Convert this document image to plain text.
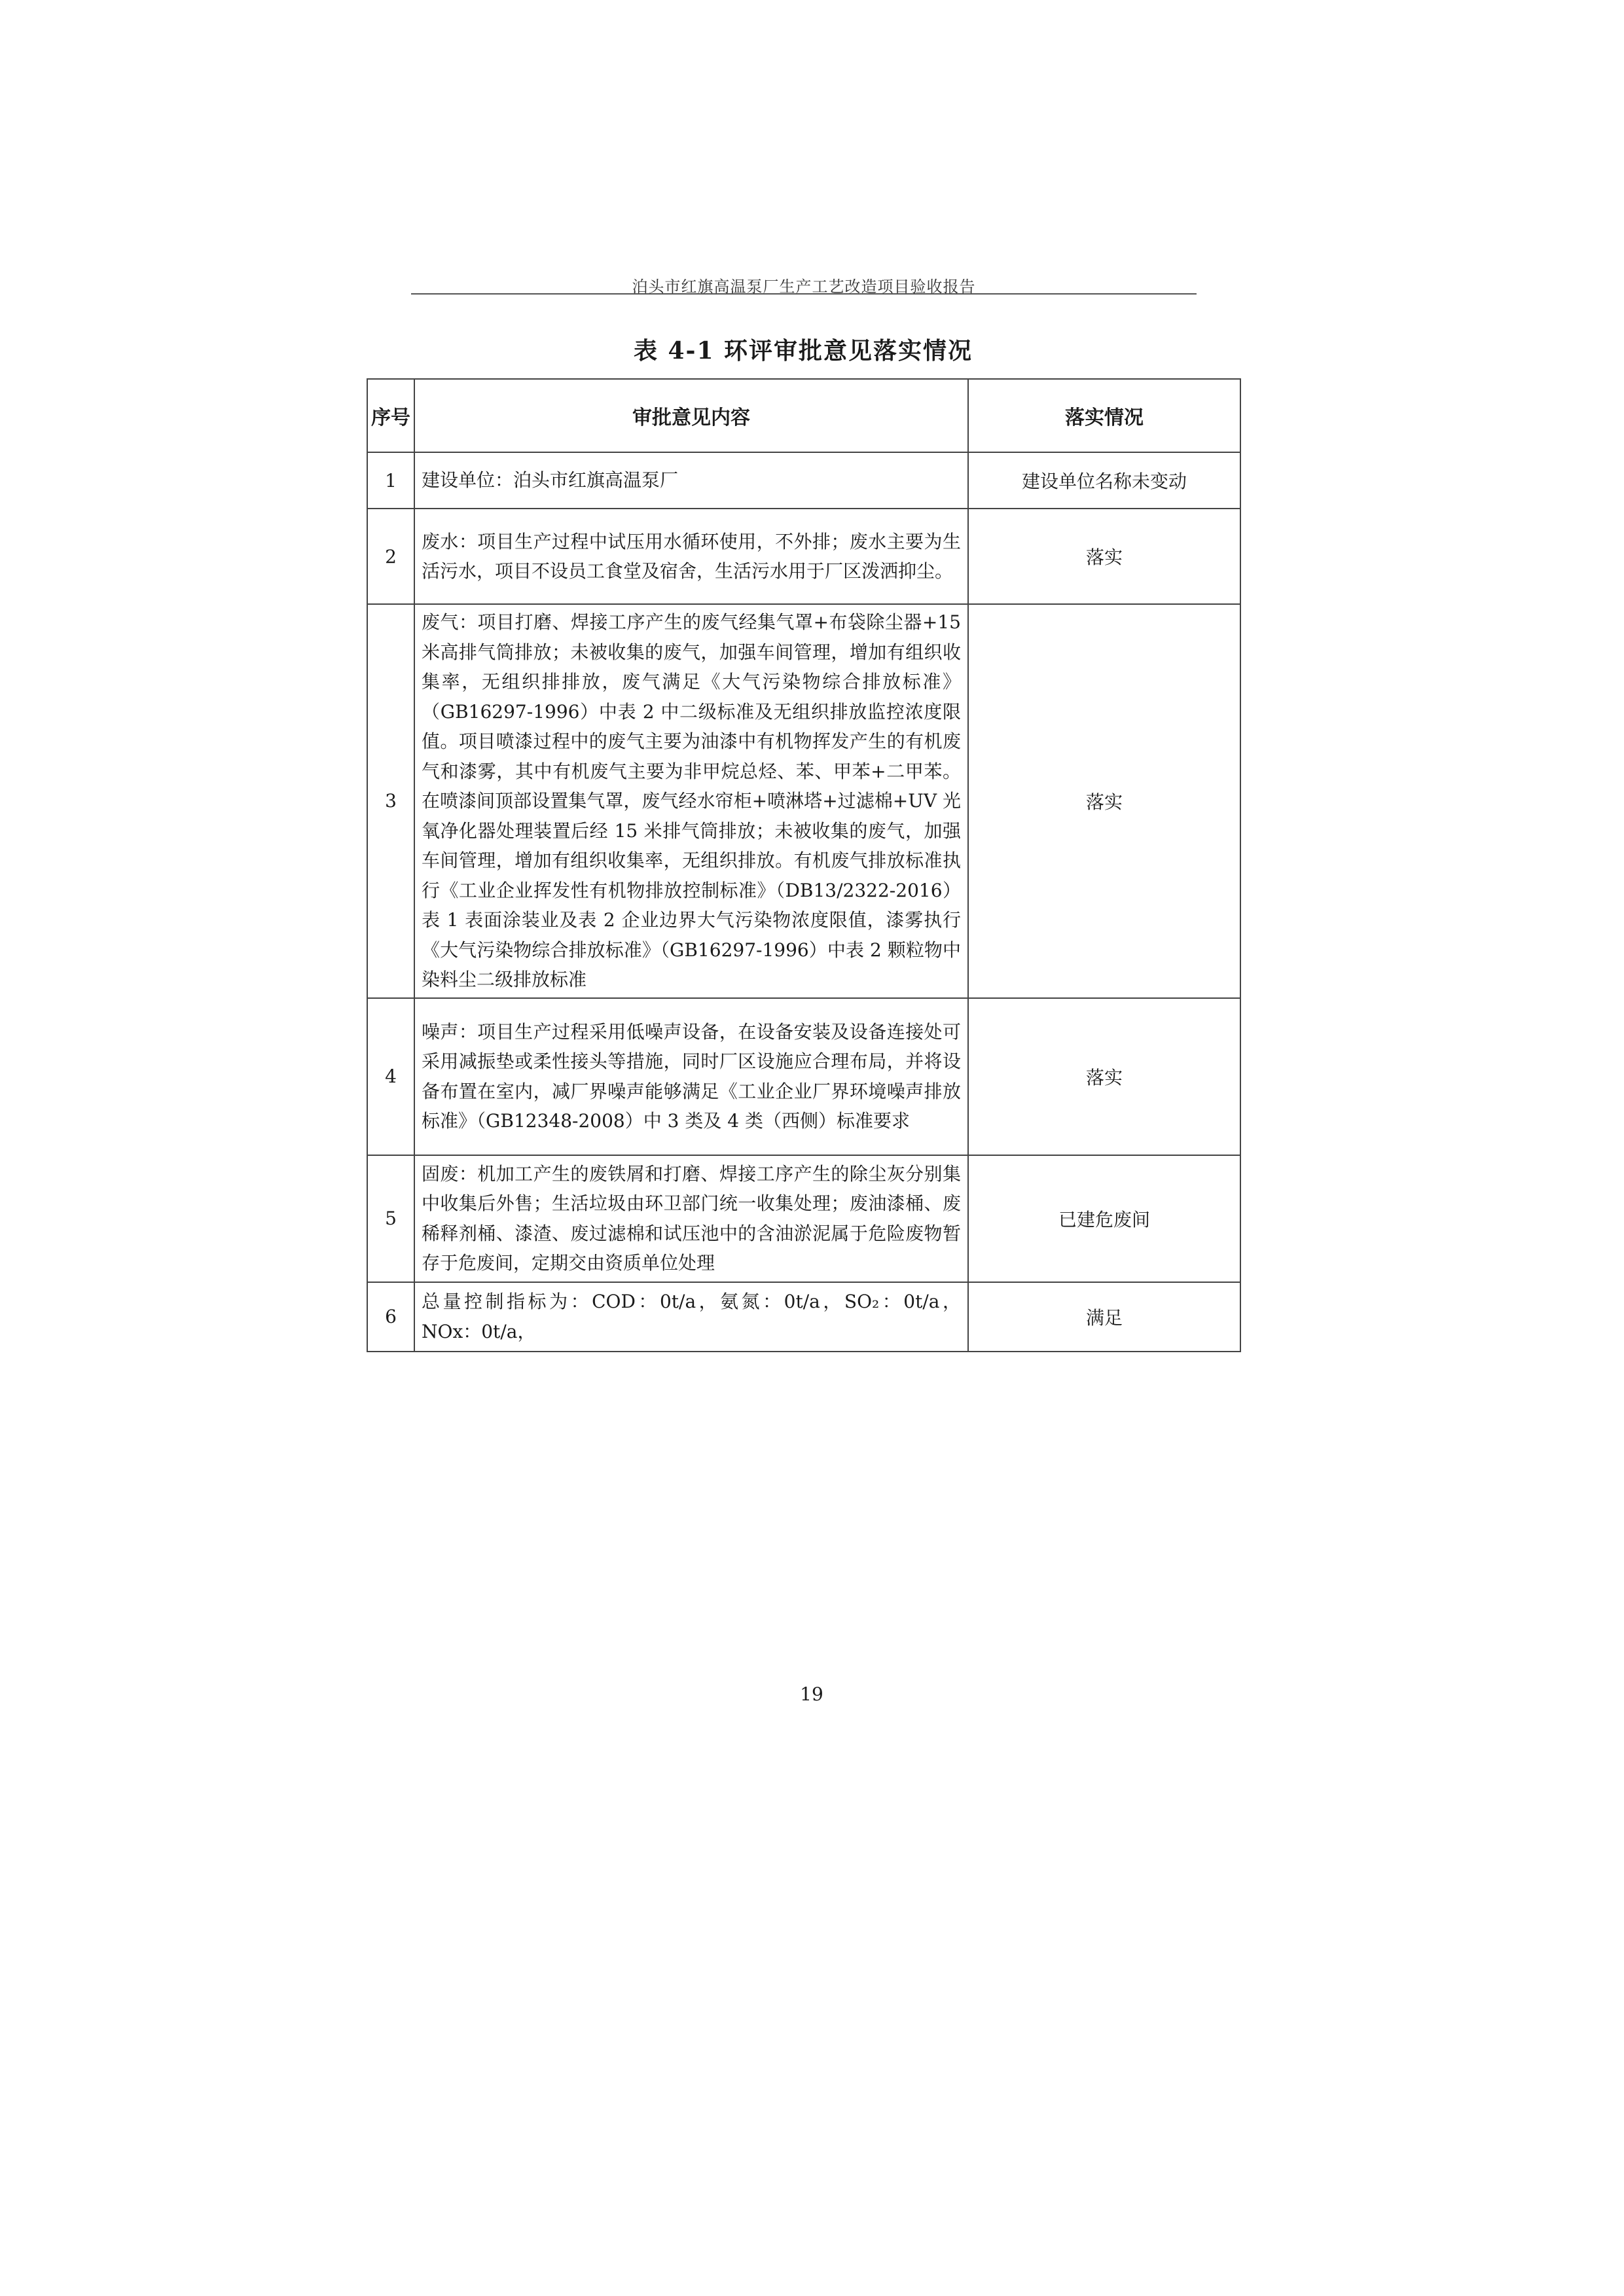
泊头市红旗高温泵厂生产工艺改造项目验收报告
表 4-1 环评审批意见落实情况
序号	审批意见内容	落实情况
1	建设单位：泊头市红旗高温泵厂	建设单位名称未变动
2	废水：项目生产过程中试压用水循环使用，不外排；废水主要为生活污水，项目不设员工食堂及宿舍，生活污水用于厂区泼洒抑尘。	落实
3	废气：项目打磨、焊接工序产生的废气经集气罩+布袋除尘器+15米高排气筒排放；未被收集的废气，加强车间管理，增加有组织收集率，无组织排排放，废气满足《大气污染物综合排放标准》（GB16297-1996）中表 2 中二级标准及无组织排放监控浓度限值。项目喷漆过程中的废气主要为油漆中有机物挥发产生的有机废气和漆雾，其中有机废气主要为非甲烷总烃、苯、甲苯+二甲苯。在喷漆间顶部设置集气罩，废气经水帘柜+喷淋塔+过滤棉+UV 光氧净化器处理装置后经 15 米排气筒排放；未被收集的废气，加强车间管理，增加有组织收集率，无组织排放。有机废气排放标准执行《工业企业挥发性有机物排放控制标准》（DB13/2322-2016）表 1 表面涂装业及表 2 企业边界大气污染物浓度限值，漆雾执行《大气污染物综合排放标准》（GB16297-1996）中表 2 颗粒物中染料尘二级排放标准	落实
4	噪声：项目生产过程采用低噪声设备，在设备安装及设备连接处可采用减振垫或柔性接头等措施，同时厂区设施应合理布局，并将设备布置在室内，减厂界噪声能够满足《工业企业厂界环境噪声排放标准》（GB12348-2008）中 3 类及 4 类（西侧）标准要求	落实
5	固废：机加工产生的废铁屑和打磨、焊接工序产生的除尘灰分别集中收集后外售；生活垃圾由环卫部门统一收集处理；废油漆桶、废稀释剂桶、漆渣、废过滤棉和试压池中的含油淤泥属于危险废物暂存于危废间，定期交由资质单位处理	已建危废间
6	总量控制指标为：COD：0t/a，氨氮：0t/a，SO₂：0t/a，NOx：0t/a，	满足
19
